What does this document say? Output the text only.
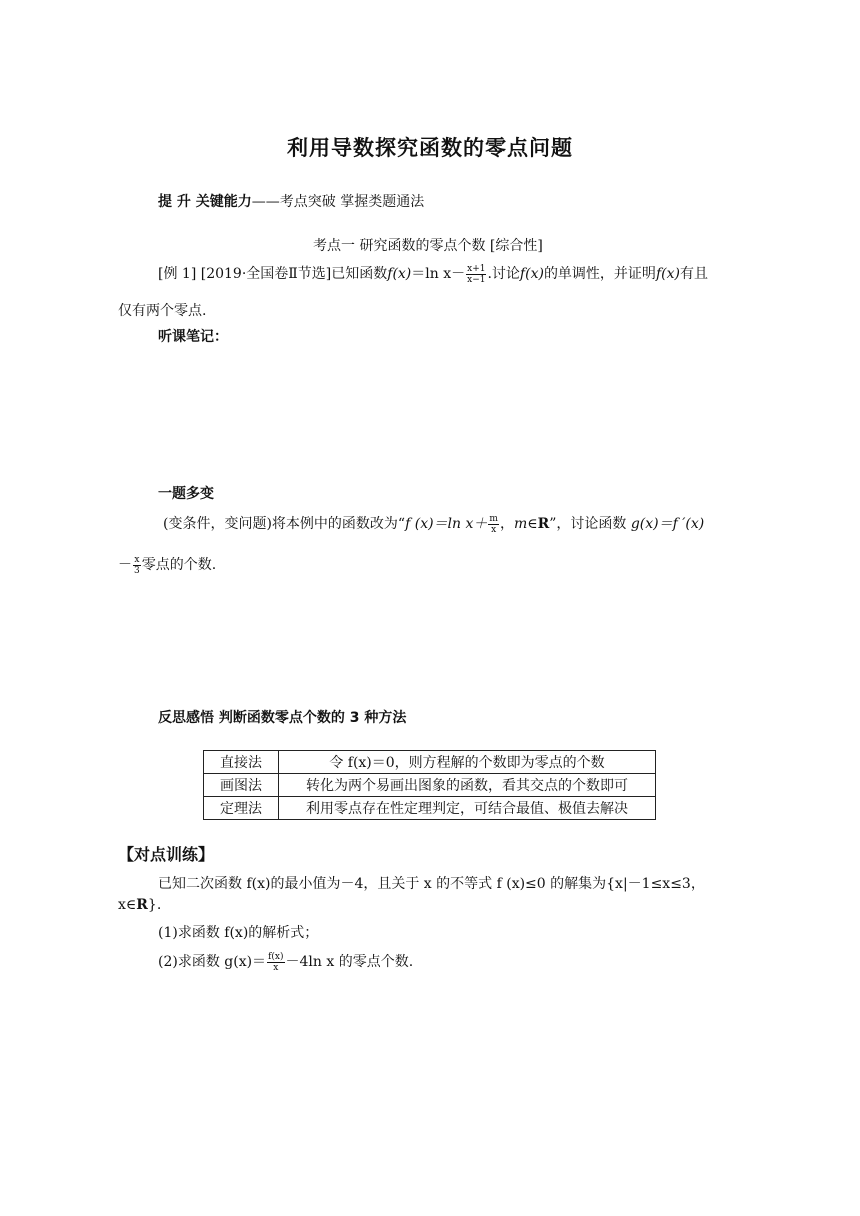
利用导数探究函数的零点问题
提 升 关键能力——考点突破 掌握类题通法
考点一 研究函数的零点个数 [综合性]
[例 1] [2019·全国卷Ⅱ节选]已知函数f(x)＝ln $x- \frac{x+1}{x-1}$ .讨论f(x)的单调性，并证明f(x)有且
仅有两个零点.
听课笔记：
一题多变
(变条件，变问题)将本例中的函数改为“f (x)＝ln $x+ \frac{m}{x}$ ，m∈R”，讨论函数 g(x)＝f ′(x)
－ $\frac{x}{3}$ 零点的个数.
反思感悟 判断函数零点个数的 3 种方法
直接法	令 f(x)＝0，则方程解的个数即为零点的个数
画图法	转化为两个易画出图象的函数，看其交点的个数即可
定理法	利用零点存在性定理判定，可结合最值、极值去解决
【对点训练】
已知二次函数 f(x)的最小值为－4，且关于 x 的不等式 f (x)≤0 的解集为{x|－1≤x≤3，
x∈R}.
(1)求函数 f(x)的解析式；
(2)求函数 $g(x)= \frac{f(x)}{x} -4\ln$ x 的零点个数.
